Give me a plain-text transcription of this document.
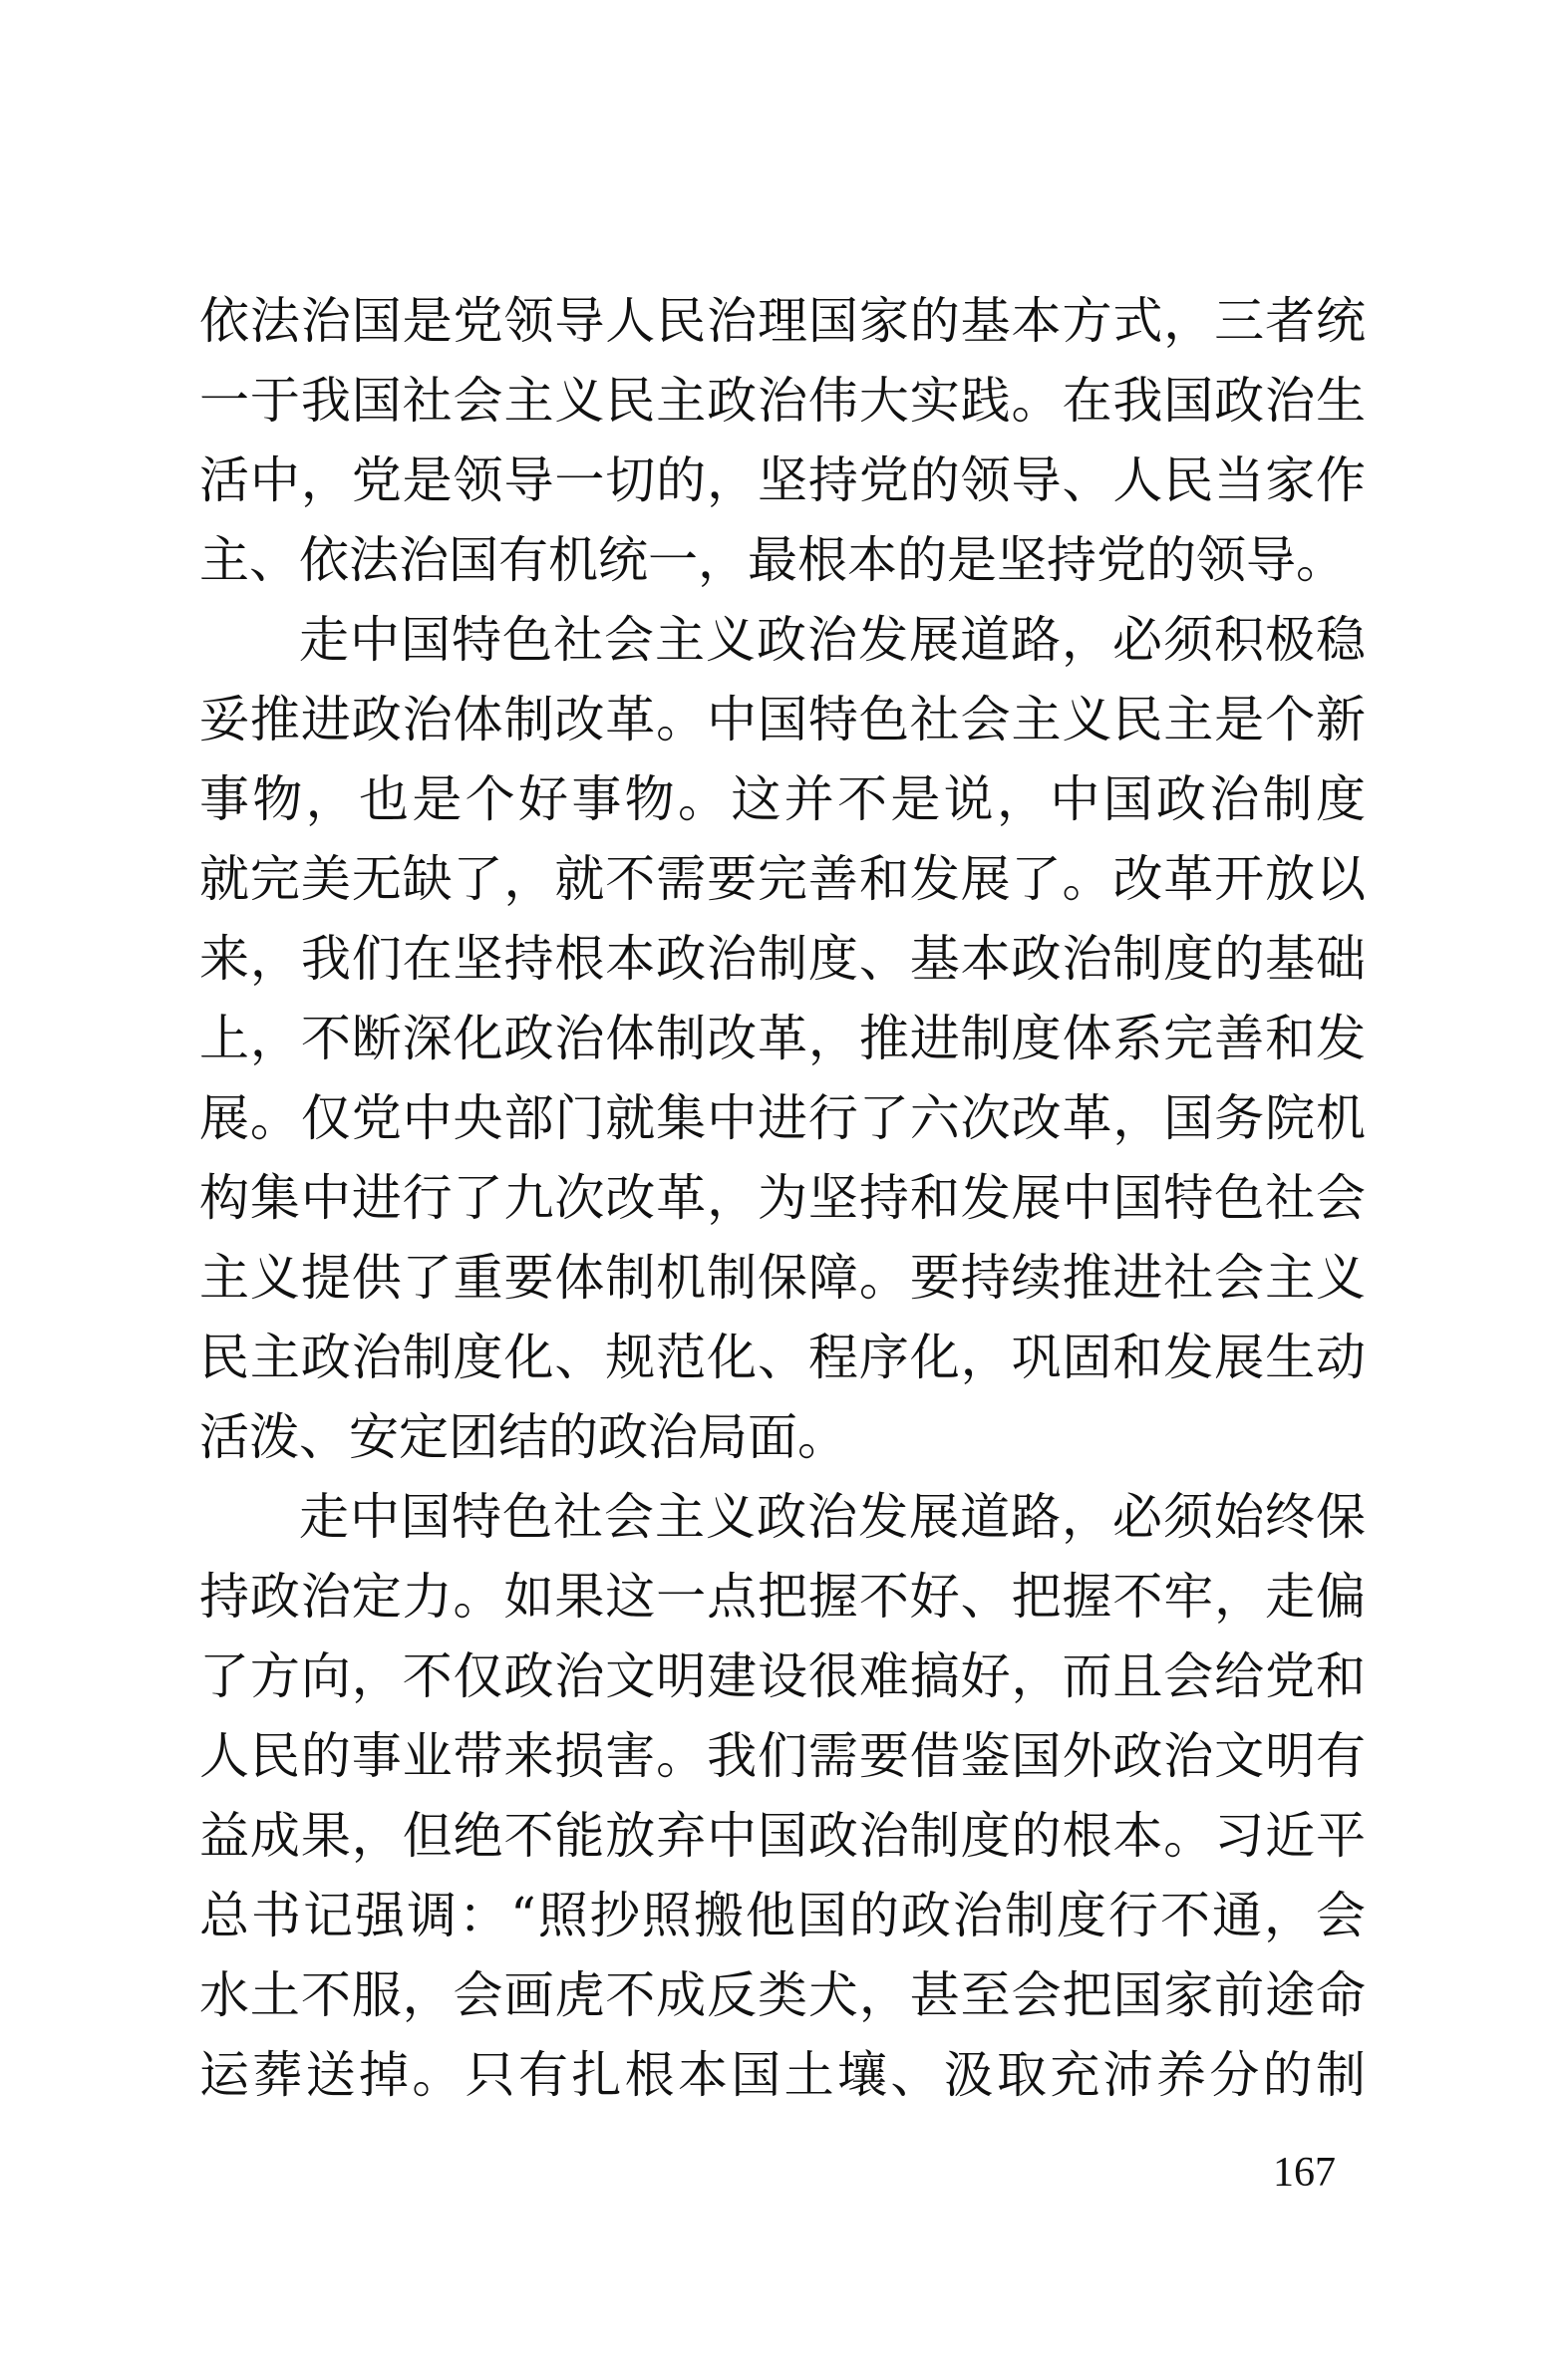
依法治国是党领导人民治理国家的基本方式，三者统
一于我国社会主义民主政治伟大实践。在我国政治生
活中，党是领导一切的，坚持党的领导、人民当家作
主、依法治国有机统一，最根本的是坚持党的领导。
走中国特色社会主义政治发展道路，必须积极稳
妥推进政治体制改革。中国特色社会主义民主是个新
事物，也是个好事物。这并不是说，中国政治制度
就完美无缺了，就不需要完善和发展了。改革开放以
来，我们在坚持根本政治制度、基本政治制度的基础
上，不断深化政治体制改革，推进制度体系完善和发
展。仅党中央部门就集中进行了六次改革，国务院机
构集中进行了九次改革，为坚持和发展中国特色社会
主义提供了重要体制机制保障。要持续推进社会主义
民主政治制度化、规范化、程序化，巩固和发展生动
活泼、安定团结的政治局面。
走中国特色社会主义政治发展道路，必须始终保
持政治定力。如果这一点把握不好、把握不牢，走偏
了方向，不仅政治文明建设很难搞好，而且会给党和
人民的事业带来损害。我们需要借鉴国外政治文明有
益成果，但绝不能放弃中国政治制度的根本。习近平
总书记强调：“照抄照搬他国的政治制度行不通，会
水土不服，会画虎不成反类犬，甚至会把国家前途命
运葬送掉。只有扎根本国土壤、汲取充沛养分的制
167
